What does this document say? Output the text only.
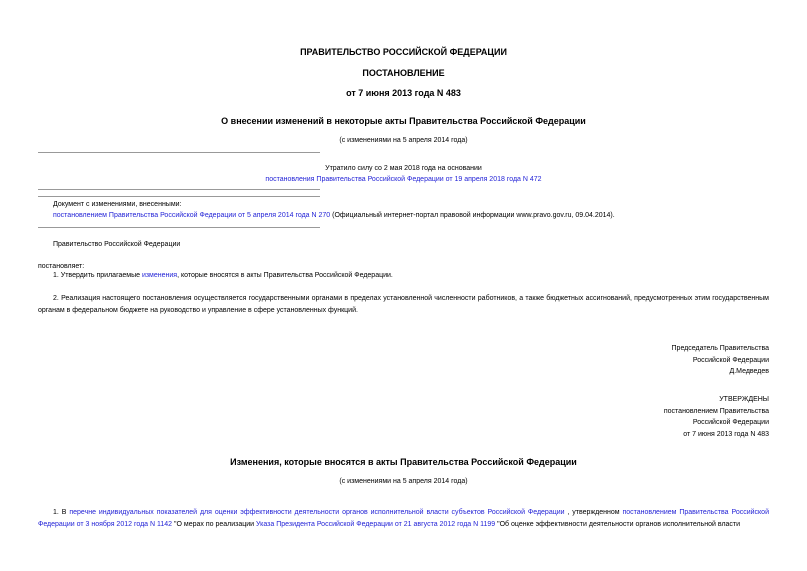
ПРАВИТЕЛЬСТВО РОССИЙСКОЙ ФЕДЕРАЦИИ
ПОСТАНОВЛЕНИЕ
от 7 июня 2013 года N 483
О внесении изменений в некоторые акты Правительства Российской Федерации
(с изменениями на 5 апреля 2014 года)
Утратило силу со 2 мая 2018 года на основании
постановления Правительства Российской Федерации от 19 апреля 2018 года N 472
Документ с изменениями, внесенными:
постановлением Правительства Российской Федерации от 5 апреля 2014 года N 270 (Официальный интернет-портал правовой информации www.pravo.gov.ru, 09.04.2014).
Правительство Российской Федерации
постановляет:
1. Утвердить прилагаемые изменения, которые вносятся в акты Правительства Российской Федерации.
2. Реализация настоящего постановления осуществляется государственными органами в пределах установленной численности работников, а также бюджетных ассигнований, предусмотренных этим государственным органам в федеральном бюджете на руководство и управление в сфере установленных функций.
Председатель Правительства
Российской Федерации
Д.Медведев
УТВЕРЖДЕНЫ
постановлением Правительства
Российской Федерации
от 7 июня 2013 года N 483
Изменения, которые вносятся в акты Правительства Российской Федерации
(с изменениями на 5 апреля 2014 года)
1. В перечне индивидуальных показателей для оценки эффективности деятельности органов исполнительной власти субъектов Российской Федерации , утвержденном постановлением Правительства Российской Федерации от 3 ноября 2012 года N 1142 "О мерах по реализации Указа Президента Российской Федерации от 21 августа 2012 года N 1199 "Об оценке эффективности деятельности органов исполнительной власти
